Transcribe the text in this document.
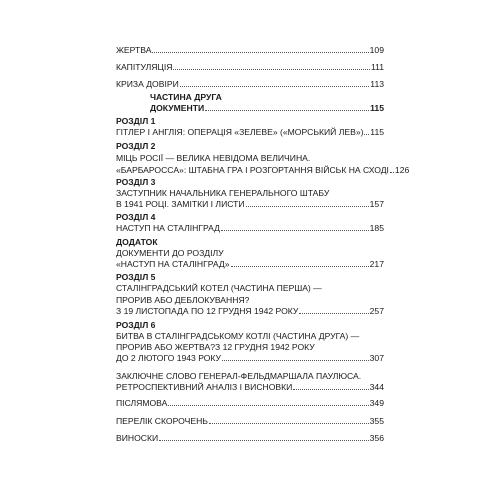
ЖЕРТВА	109
КАПІТУЛЯЦІЯ	111
КРИЗА ДОВІРИ	113
ЧАСТИНА ДРУГА
ДОКУМЕНТИ	115
РОЗДІЛ 1
ГІТЛЕР І АНГЛІЯ: ОПЕРАЦІЯ «ЗЕЛЕВЕ» («МОРСЬКИЙ ЛЕВ») 115
РОЗДІЛ 2
МІЦЬ РОСІЇ — ВЕЛИКА НЕВІДОМА ВЕЛИЧИНА.
«БАРБАРОССА»: ШТАБНА ГРА І РОЗГОРТАННЯ ВІЙСЬК НА СХОДІ 126
РОЗДІЛ 3
ЗАСТУПНИК НАЧАЛЬНИКА ГЕНЕРАЛЬНОГО ШТАБУ
В 1941 РОЦІ. ЗАМІТКИ І ЛИСТИ	157
РОЗДІЛ 4
НАСТУП НА СТАЛІНГРАД	185
ДОДАТОК
ДОКУМЕНТИ ДО РОЗДІЛУ
«НАСТУП НА СТАЛІНГРАД»	217
РОЗДІЛ 5
СТАЛІНГРАДСЬКИЙ КОТЕЛ (ЧАСТИНА ПЕРША) —
ПРОРИВ АБО ДЕБЛОКУВАННЯ?
З 19 ЛИСТОПАДА ПО 12 ГРУДНЯ 1942 РОКУ	257
РОЗДІЛ 6
БИТВА В СТАЛІНГРАДСЬКОМУ КОТЛІ (ЧАСТИНА ДРУГА) —
ПРОРИВ АБО ЖЕРТВА?З 12 ГРУДНЯ 1942 РОКУ
ДО 2 ЛЮТОГО 1943 РОКУ	307
ЗАКЛЮЧНЕ СЛОВО ГЕНЕРАЛ-ФЕЛЬДМАРШАЛА ПАУЛЮСА.
РЕТРОСПЕКТИВНИЙ АНАЛІЗ І ВИСНОВКИ	344
ПІСЛЯМОВА	349
ПЕРЕЛІК СКОРОЧЕНЬ	355
ВИНОСКИ	356
